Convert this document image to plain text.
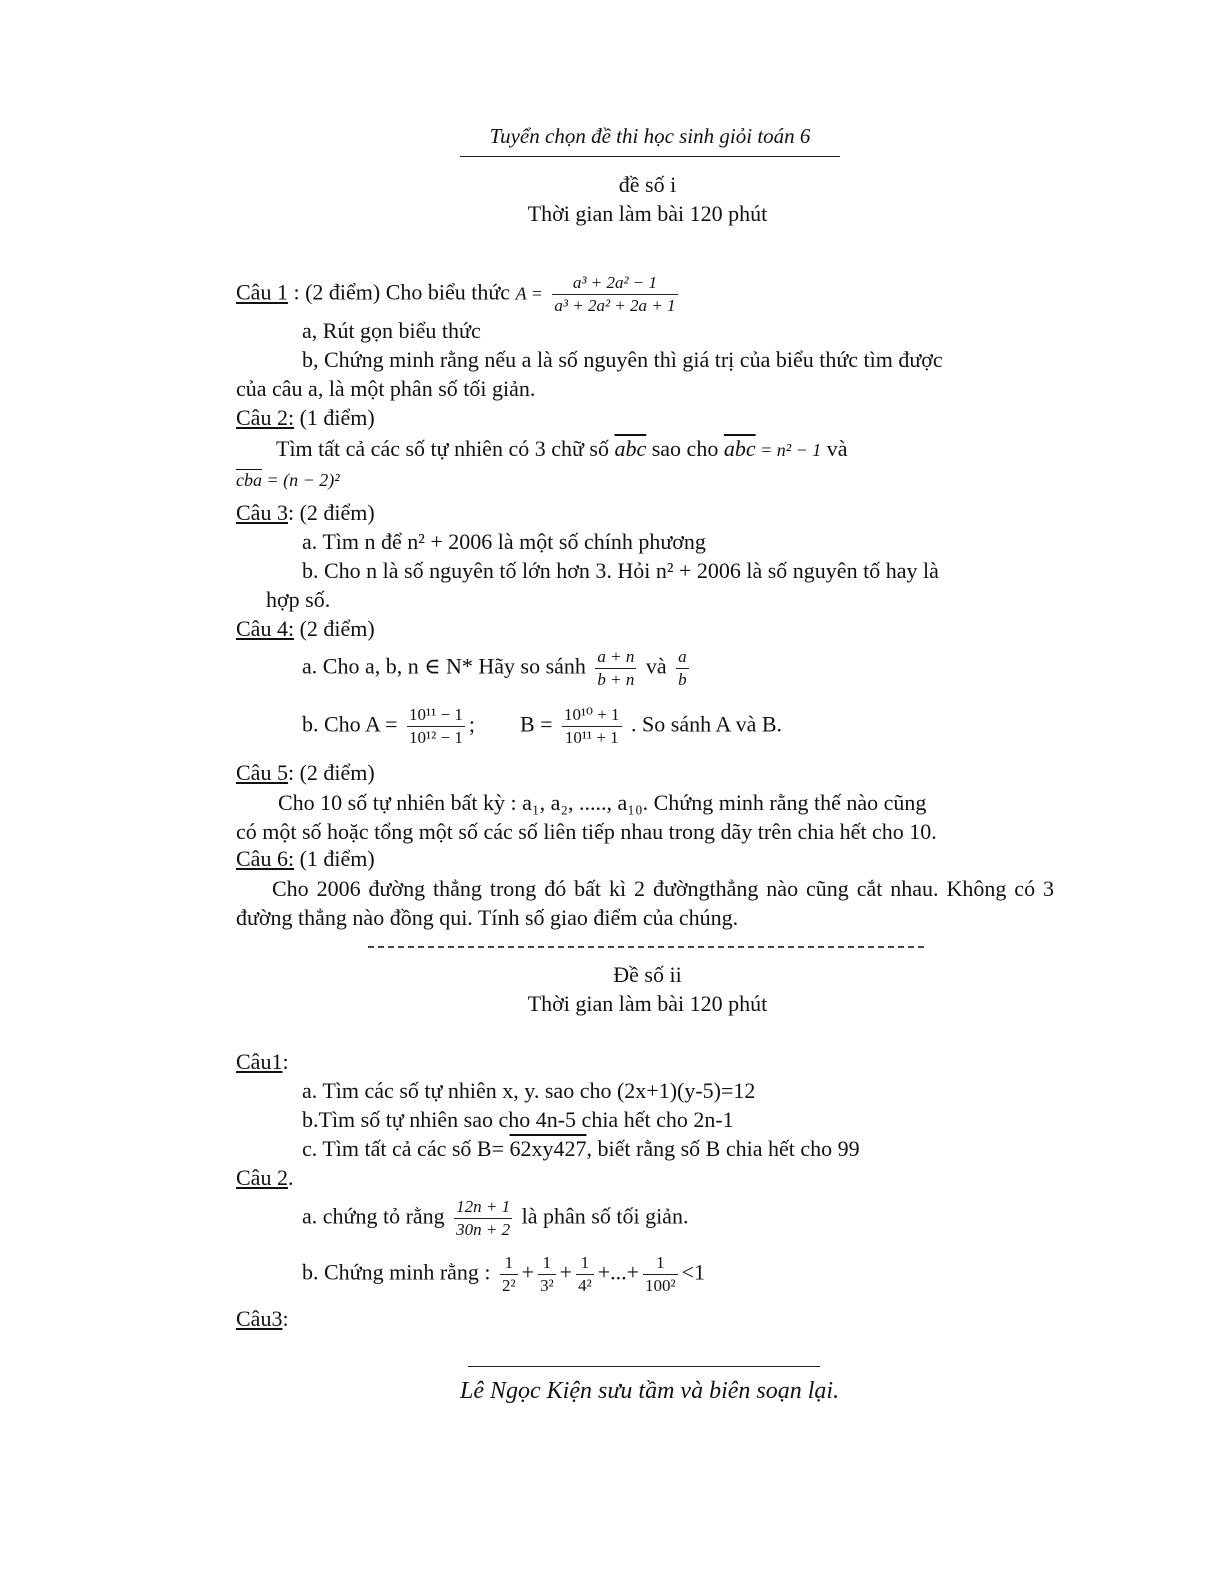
Tuyển chọn đề thi học sinh giỏi toán 6
đề số i
Thời gian làm bài 120 phút
Câu 1 : (2 điểm) Cho biểu thức $A = \frac{\text{a³ + 2a² − 1}}{\text{a³ + 2a² + 2a + 1}}$
a, Rút gọn biểu thức
b, Chứng minh rằng nếu a là số nguyên thì giá trị của biểu thức tìm được
của câu a, là một phân số tối giản.
Câu 2: (1 điểm)
Tìm tất cả các số tự nhiên có 3 chữ số $\overline{abc}$ sao cho $\overline{abc} = n^2 - 1$ và
$\overline{cba} = (n - 2)^2$
Câu 3: (2 điểm)
a. Tìm n để n² + 2006 là một số chính phương
b. Cho n là số nguyên tố lớn hơn 3. Hỏi n² + 2006 là số nguyên tố hay là
hợp số.
Câu 4: (2 điểm)
a. Cho a, b, n ∈ N* Hãy so sánh $\frac{a + n}{b + n}$ và $\frac{a}{b}$
b. Cho $A = \frac{\text{10¹¹ − 1}}{\text{10¹² − 1}}$ ; $B = \frac{\text{10¹⁰ + 1}}{\text{10¹¹ + 1}}$ . So sánh A và B.
Câu 5: (2 điểm)
Cho 10 số tự nhiên bất kỳ : a₁, a₂, ....., a₁₀. Chứng minh rằng thế nào cũng
có một số hoặc tổng một số các số liên tiếp nhau trong dãy trên chia hết cho 10.
Câu 6: (1 điểm)
Cho 2006 đường thẳng trong đó bất kì 2 đườngthẳng nào cũng cắt nhau. Không có 3 đường thẳng nào đồng qui. Tính số giao điểm của chúng.
Đề số ii
Thời gian làm bài 120 phút
Câu1:
a. Tìm các số tự nhiên x, y. sao cho (2x+1)(y-5)=12
b.Tìm số tự nhiên sao cho 4n-5 chia hết cho 2n-1
c. Tìm tất cả các số B= 62xy427, biết rằng số B chia hết cho 99
Câu 2.
a. chứng tỏ rằng $\frac{12n + 1}{30n + 2}$ là phân số tối giản.
b. Chứng minh rằng : $\frac{1}{\text{2²}} + \frac{1}{\text{3²}} + \frac{1}{\text{4²}}$ +...+ $\frac{1}{\text{100²}} <1$
Câu3:
Lê Ngọc Kiện sưu tầm và biên soạn lại.
